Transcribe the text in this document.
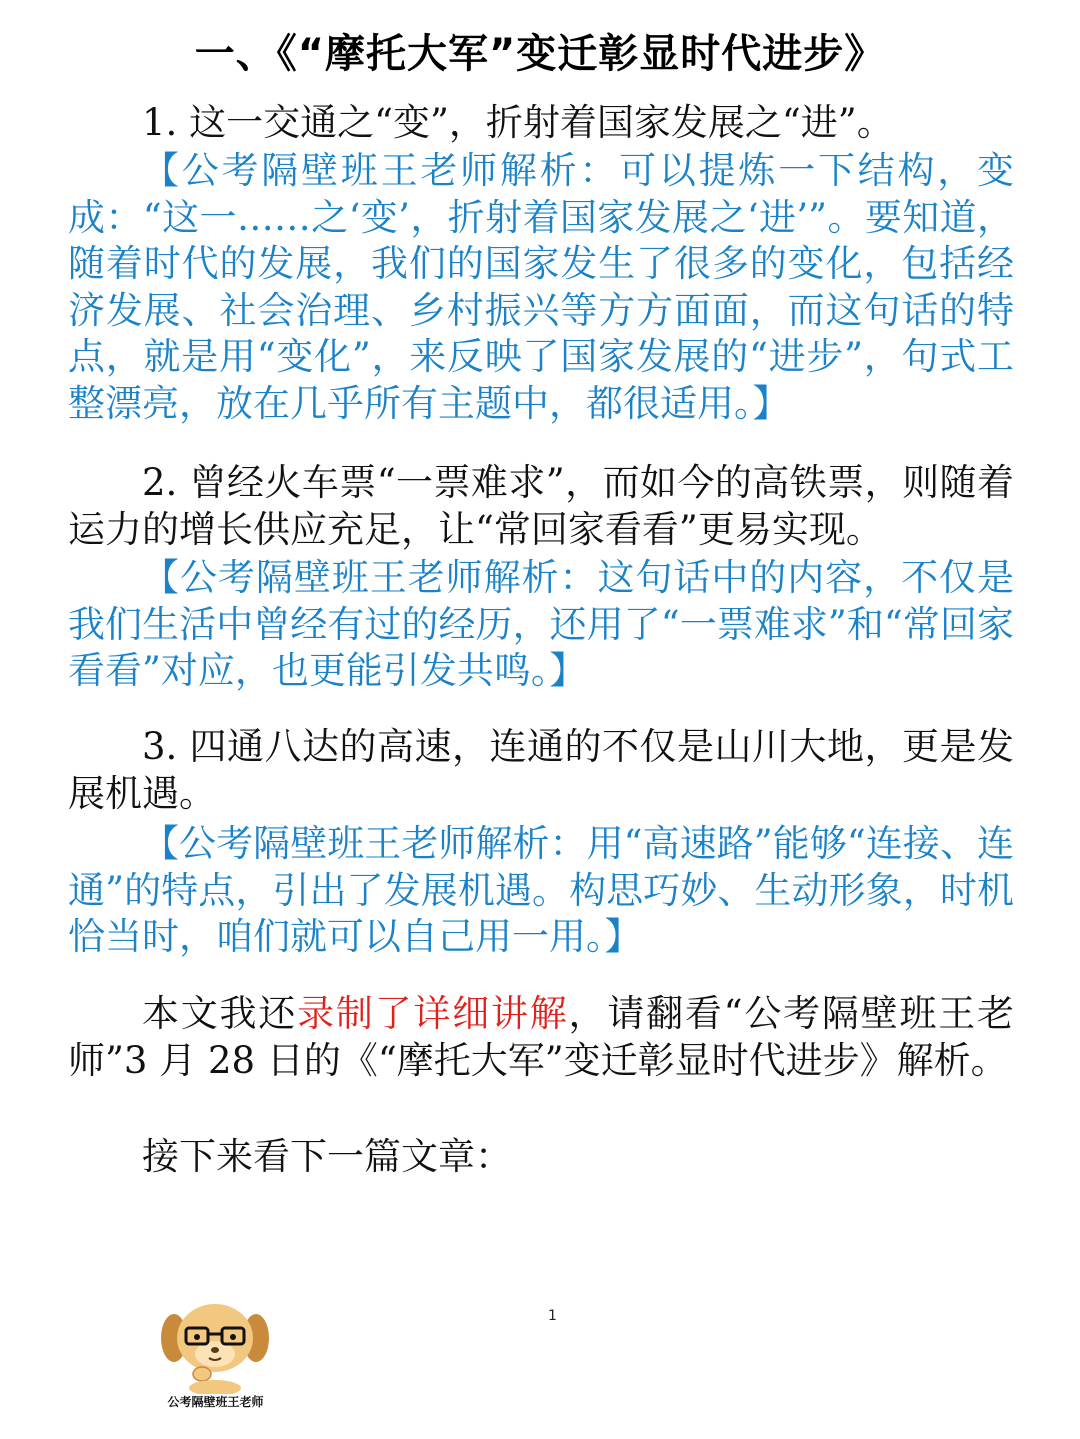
一、《“摩托大军”变迁彰显时代进步》

1. 这一交通之“变”，折射着国家发展之“进”。

【公考隔壁班王老师解析：可以提炼一下结构，变成：“这一……之‘变’，折射着国家发展之‘进’”。要知道，随着时代的发展，我们的国家发生了很多的变化，包括经济发展、社会治理、乡村振兴等方方面面，而这句话的特点，就是用“变化”，来反映了国家发展的“进步”，句式工整漂亮，放在几乎所有主题中，都很适用。】

2. 曾经火车票“一票难求”，而如今的高铁票，则随着运力的增长供应充足，让“常回家看看”更易实现。

【公考隔壁班王老师解析：这句话中的内容，不仅是我们生活中曾经有过的经历，还用了“一票难求”和“常回家看看”对应，也更能引发共鸣。】

3. 四通八达的高速，连通的不仅是山川大地，更是发展机遇。

【公考隔壁班王老师解析：用“高速路”能够“连接、连通”的特点，引出了发展机遇。构思巧妙、生动形象，时机恰当时，咱们就可以自己用一用。】

本文我还录制了详细讲解，请翻看“公考隔壁班王老师”3 月 28 日的《“摩托大军”变迁彰显时代进步》解析。

接下来看下一篇文章：

1
公考隔壁班王老师
